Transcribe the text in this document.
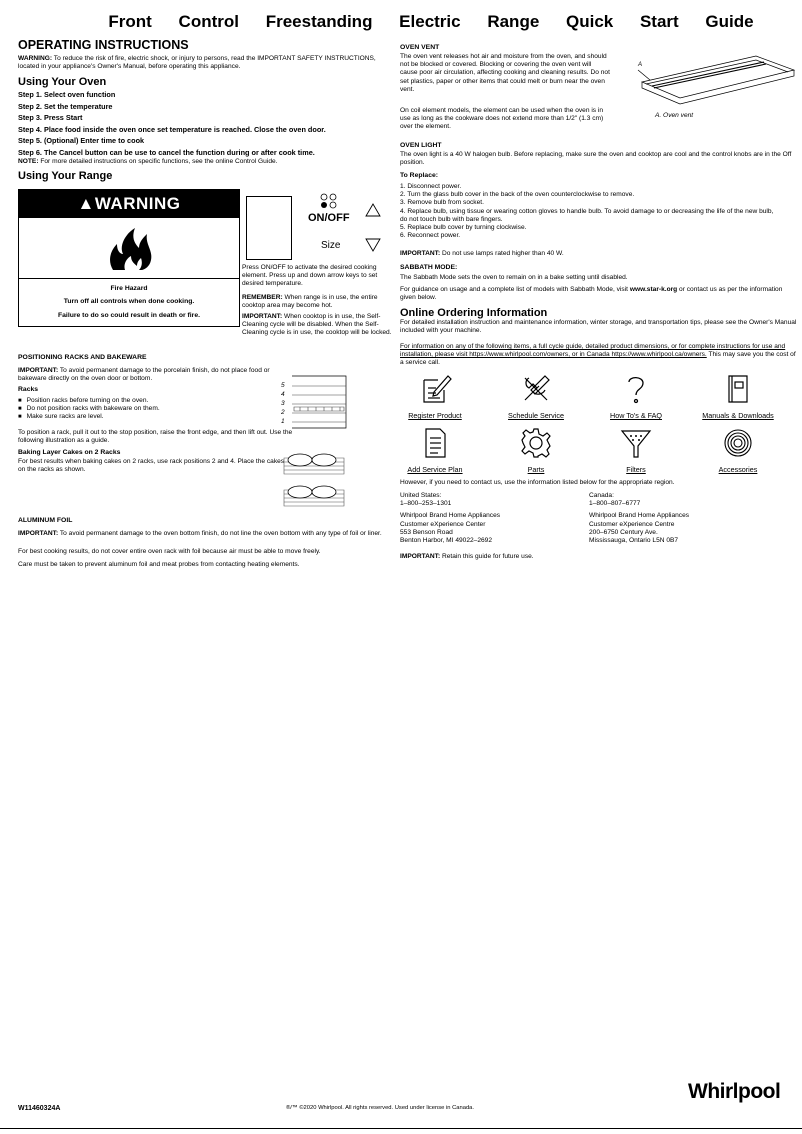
Front Control Freestanding Electric Range Quick Start Guide
OPERATING INSTRUCTIONS
WARNING: To reduce the risk of fire, electric shock, or injury to persons, read the IMPORTANT SAFETY INSTRUCTIONS, located in your appliance's Owner's Manual, before operating this appliance.
Using Your Oven
Step 1. Select oven function
Step 2. Set the temperature
Step 3. Press Start
Step 4. Place food inside the oven once set temperature is reached. Close the oven door.
Step 5. (Optional) Enter time to cook
Step 6. The Cancel button can be use to cancel the function during or after cook time.
NOTE: For more detailed instructions on specific functions, see the online Control Guide.
Using Your Range
▲WARNING
Fire Hazard
Turn off all controls when done cooking.
Failure to do so could result in death or fire.
ON/OFF
Size
Press ON/OFF to activate the desired cooking element. Press up and down arrow keys to set desired temperature.
REMEMBER: When range is in use, the entire cooktop area may become hot.
IMPORTANT: When cooktop is in use, the Self-Cleaning cycle will be disabled. When the Self-Cleaning cycle is in use, the cooktop will be locked.
POSITIONING RACKS AND BAKEWARE
IMPORTANT: To avoid permanent damage to the porcelain finish, do not place food or bakeware directly on the oven door or bottom.
Racks
■ Position racks before turning on the oven.
■ Do not position racks with bakeware on them.
■ Make sure racks are level.
To position a rack, pull it out to the stop position, raise the front edge, and then lift out. Use the following illustration as a guide.
Baking Layer Cakes on 2 Racks
For best results when baking cakes on 2 racks, use rack positions 2 and 4. Place the cakes on the racks as shown.
5
4
3
2
1
ALUMINUM FOIL
IMPORTANT: To avoid permanent damage to the oven bottom finish, do not line the oven bottom with any type of foil or liner.
For best cooking results, do not cover entire oven rack with foil because air must be able to move freely.
Care must be taken to prevent aluminum foil and meat probes from contacting heating elements.
OVEN VENT
The oven vent releases hot air and moisture from the oven, and should not be blocked or covered. Blocking or covering the oven vent will cause poor air circulation, affecting cooking and cleaning results. Do not set plastics, paper or other items that could melt or burn near the oven vent.
On coil element models, the element can be used when the oven is in use as long as the cookware does not extend more than 1/2" (1.3 cm) over the element.
A
A. Oven vent
OVEN LIGHT
The oven light is a 40 W halogen bulb. Before replacing, make sure the oven and cooktop are cool and the control knobs are in the Off position.
To Replace:
1. Disconnect power.
2. Turn the glass bulb cover in the back of the oven counterclockwise to remove.
3. Remove bulb from socket.
4. Replace bulb, using tissue or wearing cotton gloves to handle bulb. To avoid damage to or decreasing the life of the new bulb, do not touch bulb with bare fingers.
5. Replace bulb cover by turning clockwise.
6. Reconnect power.
IMPORTANT: Do not use lamps rated higher than 40 W.
SABBATH MODE:
The Sabbath Mode sets the oven to remain on in a bake setting until disabled.
For guidance on usage and a complete list of models with Sabbath Mode, visit www.star-k.org or contact us as per the information given below.
Online Ordering Information
For detailed installation instruction and maintenance information, winter storage, and transportation tips, please see the Owner's Manual included with your machine.
For information on any of the following items, a full cycle guide, detailed product dimensions, or for complete instructions for use and installation, please visit https://www.whirlpool.com/owners, or in Canada https://www.whirlpool.ca/owners. This may save you the cost of a service call.
Register Product	Schedule Service	How To's & FAQ	Manuals & Downloads
Add Service Plan	Parts	Filters	Accessories
However, if you need to contact us, use the information listed below for the appropriate region.
United States:
1–800–253–1301
Whirlpool Brand Home Appliances
Customer eXperience Center
553 Benson Road
Benton Harbor, MI 49022–2692
Canada:
1–800–807–6777
Whirlpool Brand Home Appliances
Customer eXperience Centre
200–6750 Century Ave.
Mississauga, Ontario L5N 0B7
IMPORTANT: Retain this guide for future use.
W11460324A	®/™ ©2020 Whirlpool. All rights reserved. Used under license in Canada.
Whirlpool
